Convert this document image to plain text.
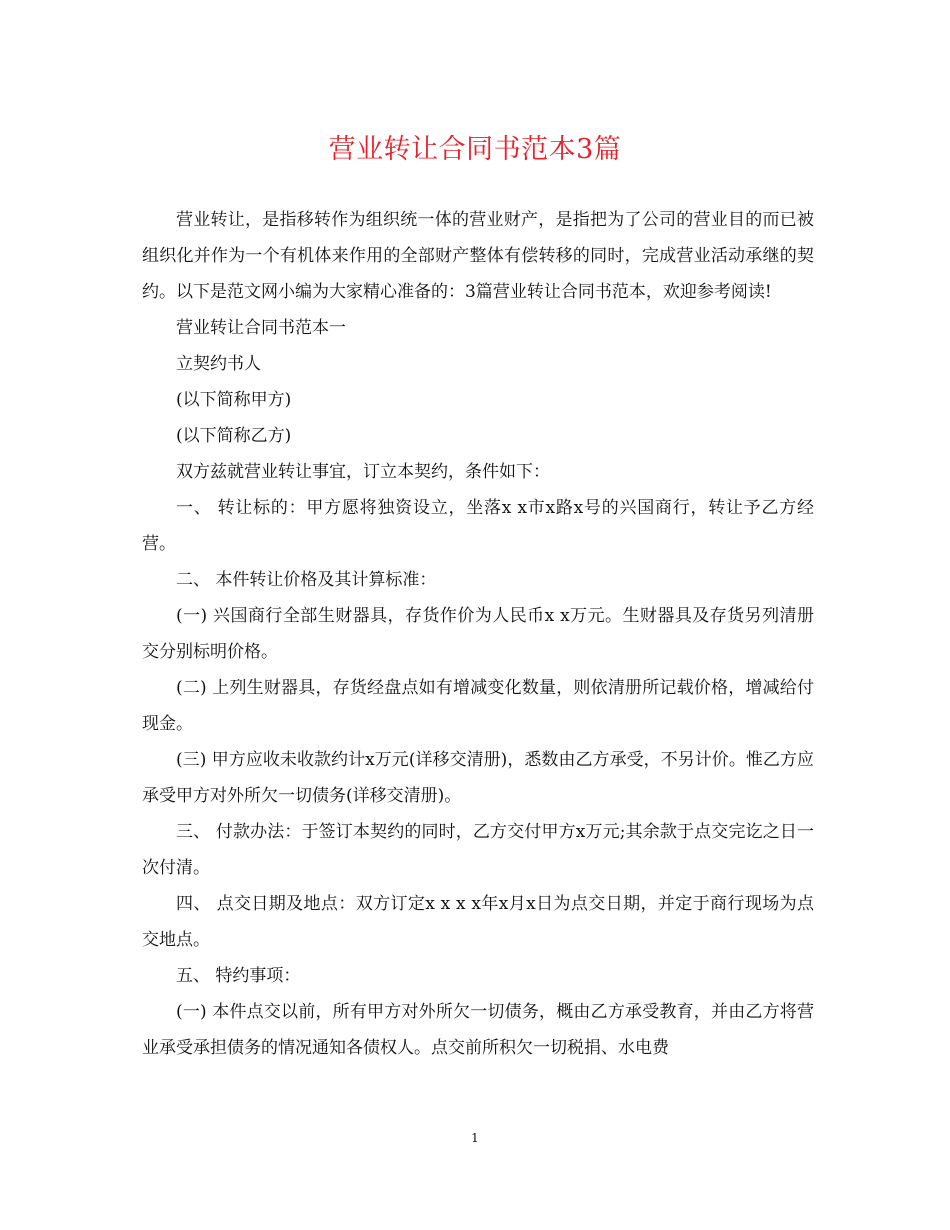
营业转让合同书范本3篇

营业转让，是指移转作为组织统一体的营业财产，是指把为了公司的营业目的而已被组织化并作为一个有机体来作用的全部财产整体有偿转移的同时，完成营业活动承继的契约。以下是范文网小编为大家精心准备的：3篇营业转让合同书范本，欢迎参考阅读!

营业转让合同书范本一

立契约书人

(以下简称甲方)

(以下简称乙方)

双方兹就营业转让事宜，订立本契约，条件如下：

一、 转让标的：甲方愿将独资设立，坐落x x市x路x号的兴国商行，转让予乙方经营。

二、 本件转让价格及其计算标准：

(一) 兴国商行全部生财器具，存货作价为人民币x x万元。生财器具及存货另列清册交分别标明价格。

(二) 上列生财器具，存货经盘点如有增减变化数量，则依清册所记载价格，增减给付现金。

(三) 甲方应收未收款约计x万元(详移交清册)，悉数由乙方承受，不另计价。惟乙方应承受甲方对外所欠一切债务(详移交清册)。

三、 付款办法：于签订本契约的同时，乙方交付甲方x万元;其余款于点交完讫之日一次付清。

四、 点交日期及地点：双方订定x x x x年x月x日为点交日期，并定于商行现场为点交地点。

五、 特约事项：

(一) 本件点交以前，所有甲方对外所欠一切债务，概由乙方承受教育，并由乙方将营业承受承担债务的情况通知各债权人。点交前所积欠一切税捐、水电费

1
